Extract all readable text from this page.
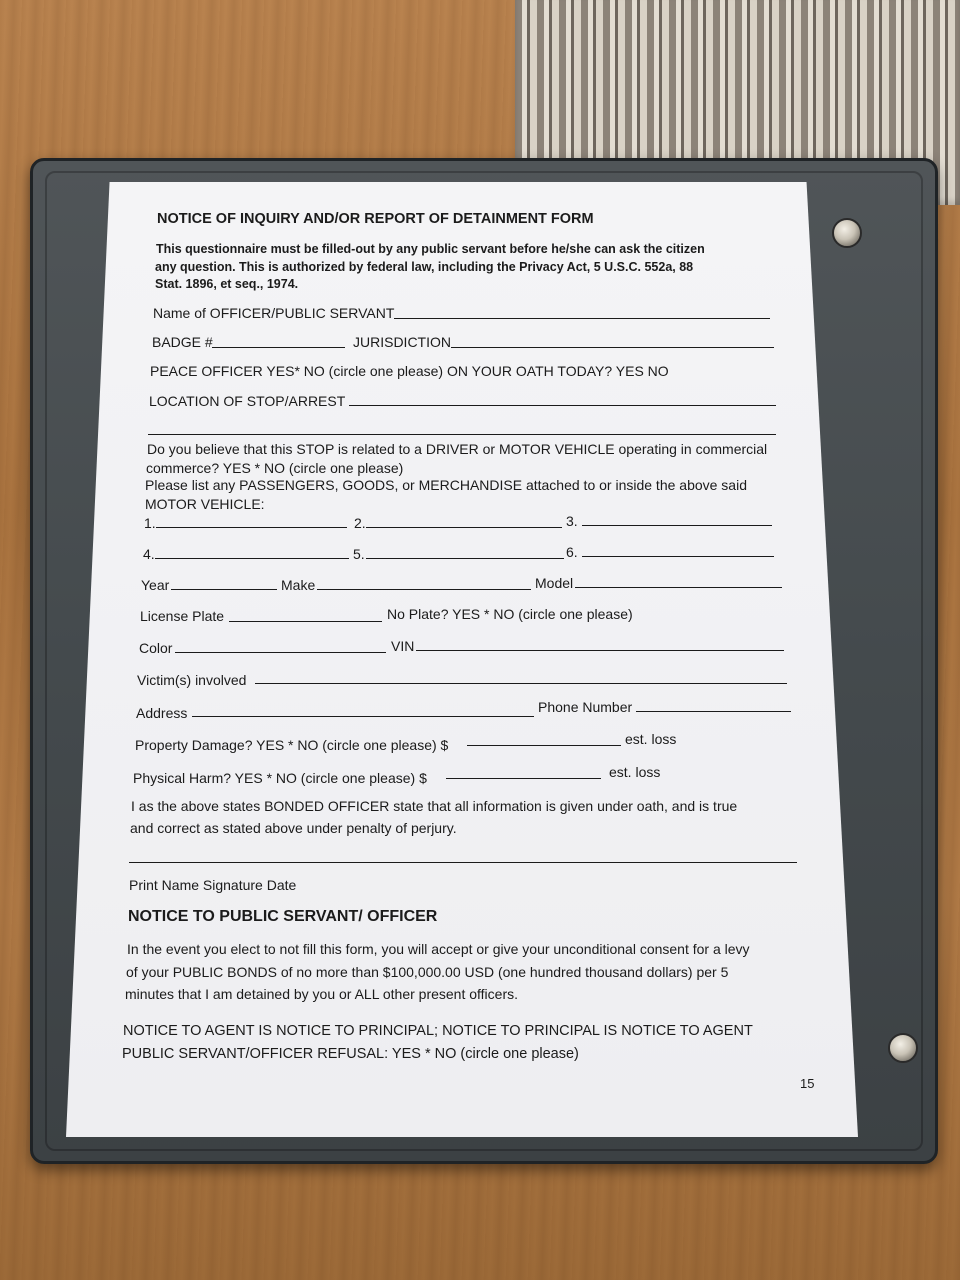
NOTICE OF INQUIRY AND/OR REPORT OF DETAINMENT FORM

This questionnaire must be filled-out by any public servant before he/she can ask the citizen

any question. This is authorized by federal law, including the Privacy Act, 5 U.S.C. 552a, 88

Stat. 1896, et seq., 1974.

Name of OFFICER/PUBLIC SERVANT

BADGE #	JURISDICTION

PEACE OFFICER YES* NO (circle one please) ON YOUR OATH TODAY? YES NO

LOCATION OF STOP/ARREST

Do you believe that this STOP is related to a DRIVER or MOTOR VEHICLE operating in commercial

commerce? YES * NO (circle one please)

Please list any PASSENGERS, GOODS, or MERCHANDISE attached to or inside the above said

MOTOR VEHICLE:

1.	2.	3.

4.	5.	6.

Year	Make	Model

License Plate	No Plate? YES * NO (circle one please)

Color	VIN

Victim(s) involved

Address	Phone Number

Property Damage? YES * NO (circle one please) $	est. loss

Physical Harm? YES * NO (circle one please) $	est. loss

I as the above states BONDED OFFICER state that all information is given under oath, and is true

and correct as stated above under penalty of perjury.

Print Name Signature Date

NOTICE TO PUBLIC SERVANT/ OFFICER

In the event you elect to not fill this form, you will accept or give your unconditional consent for a levy

of your PUBLIC BONDS of no more than $100,000.00 USD (one hundred thousand dollars) per 5

minutes that I am detained by you or ALL other present officers.

NOTICE TO AGENT IS NOTICE TO PRINCIPAL; NOTICE TO PRINCIPAL IS NOTICE TO AGENT

PUBLIC SERVANT/OFFICER REFUSAL: YES * NO (circle one please)

15
